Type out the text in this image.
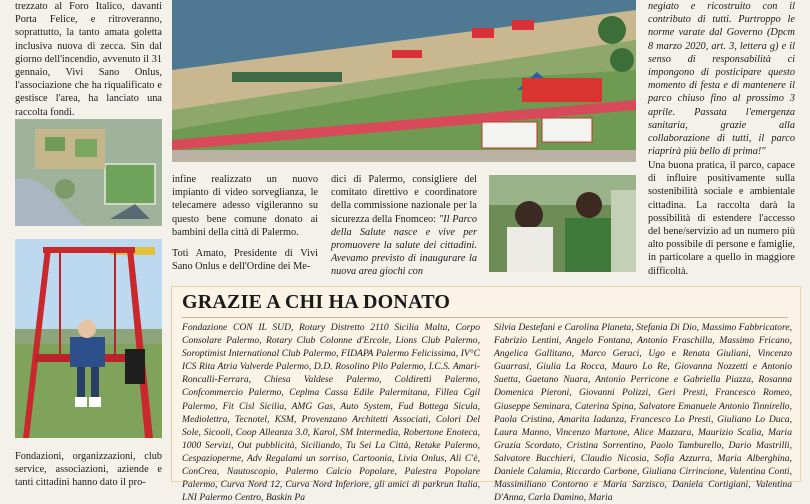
trezzato al Foro Italico, davanti Porta Felice, e ritroveranno, soprattutto, la tanto amata goletta inclusiva nuova di zecca. Sin dal giorno dell'incendio, avvenuto il 31 gennaio, Vivi Sano Onlus, l'associazione che ha riqualificato e gestisce l'area, ha lanciato una raccolta fondi.

Fondazioni, organizzazioni, club service, associazioni, aziende e tanti cittadini hanno dato il pro-

negiato e ricostruito con il contributo di tutti. Purtroppo le norme varate dal Governo (Dpcm 8 marzo 2020, art. 3, lettera g) e il senso di responsabilità ci impongono di posticipare questo momento di festa e di mantenere il parco chiuso fino al prossimo 3 aprile. Passata l'emergenza sanitaria, grazie alla collaborazione di tutti, il parco riaprirà più bello di prima!"

Una buona pratica, il parco, capace di influire positivamente sulla sostenibilità sociale e ambientale cittadina. La raccolta darà la possibilità di estendere l'accesso del bene/servizio ad un numero più alto possibile di persone e famiglie, in particolare a quello in maggiore difficoltà.

infine realizzato un nuovo impianto di video sorveglianza, le telecamere adesso vigileranno su questo bene comune donato ai bambini della città di Palermo.

Toti Amato, Presidente di Vivi Sano Onlus e dell'Ordine dei Me-

dici di Palermo, consigliere del comitato direttivo e coordinatore della commissione nazionale per la sicurezza della Fnomceo: "Il Parco della Salute nasce e vive per promuovere la salute dei cittadini. Avevamo previsto di inaugurare la nuova area giochi con

GRAZIE A CHI HA DONATO
Fondazione CON IL SUD, Rotary Distretto 2110 Sicilia Malta, Corpo Consolare Palermo, Rotary Club Colonne d'Ercole, Lions Club Palermo, Soroptimist International Club Palermo, FIDAPA Palermo Felicissima, IV°C ICS Rita Atria Valverde Palermo, D.D. Rosolino Pilo Palermo, I.C.S. Amari-Roncalli-Ferrara, Chiesa Valdese Palermo, Coldiretti Palermo, Confcommercio Palermo, Ceplma Cassa Edile Palermitana, Fillea Cgil Palermo, Fit Cisl Sicilia, AMG Gas, Auto System, Fud Bottega Sicula, Mediolettra, Tecnotel, KSM, Provenzano Architetti Associati, Colori Del Sole, Sicooli, Coop Alleanza 3.0, Karol, SM Intermedia, Robertone Enoteca, 1000 Servizi, Out pubblicità, Siciliando, Tu Sei La Città, Retake Palermo, Cespazioperme, Adv Regalami un sorriso, Cartoonia, Livia Onlus, Ali C'è, ConCrea, Nautoscopio, Palermo Calcio Popolare, Palestra Popolare Palermo, Curva Nord 12, Curva Nord Inferiore, gli amici di parkrun Italia, LNI Palermo Centro, Baskin Pa
Silvia Destefani e Carolina Planeta, Stefania Di Dio, Massimo Fabbricatore, Fabrizio Lentini, Angelo Fontana, Antonio Fraschilla, Massimo Fricano, Angelica Gallitano, Marco Geraci, Ugo e Renata Giuliani, Vincenzo Guarrasi, Giulia La Rocca, Mauro Lo Re, Giovanna Nozzetti e Antonio Suetta, Gaetano Nuara, Antonio Perricone e Gabriella Piazza, Rosanna Domenica Pieroni, Giovanni Polizzi, Geri Presti, Francesco Romeo, Giuseppe Seminara, Caterina Spina, Salvatore Emanuele Antonio Tinnirello, Paola Cristina, Amarita Iadanza, Francesco Lo Presti, Giuliano Lo Duca, Laura Manno, Vincenzo Martone, Alice Mazzara, Maurizio Scalia, Maria Grazia Scordato, Cristina Sorrentino, Paolo Tamburello, Dario Mastrilli, Salvatore Bucchieri, Claudio Nicosia, Sofia Azzurra, Maria Alberghina, Daniele Calamia, Riccardo Carbone, Giuliana Cirrincione, Valentina Conti, Massimiliano Contorno e Maria Sarzisco, Daniela Cortigiani, Valentina D'Anna, Carla Damino, Maria
